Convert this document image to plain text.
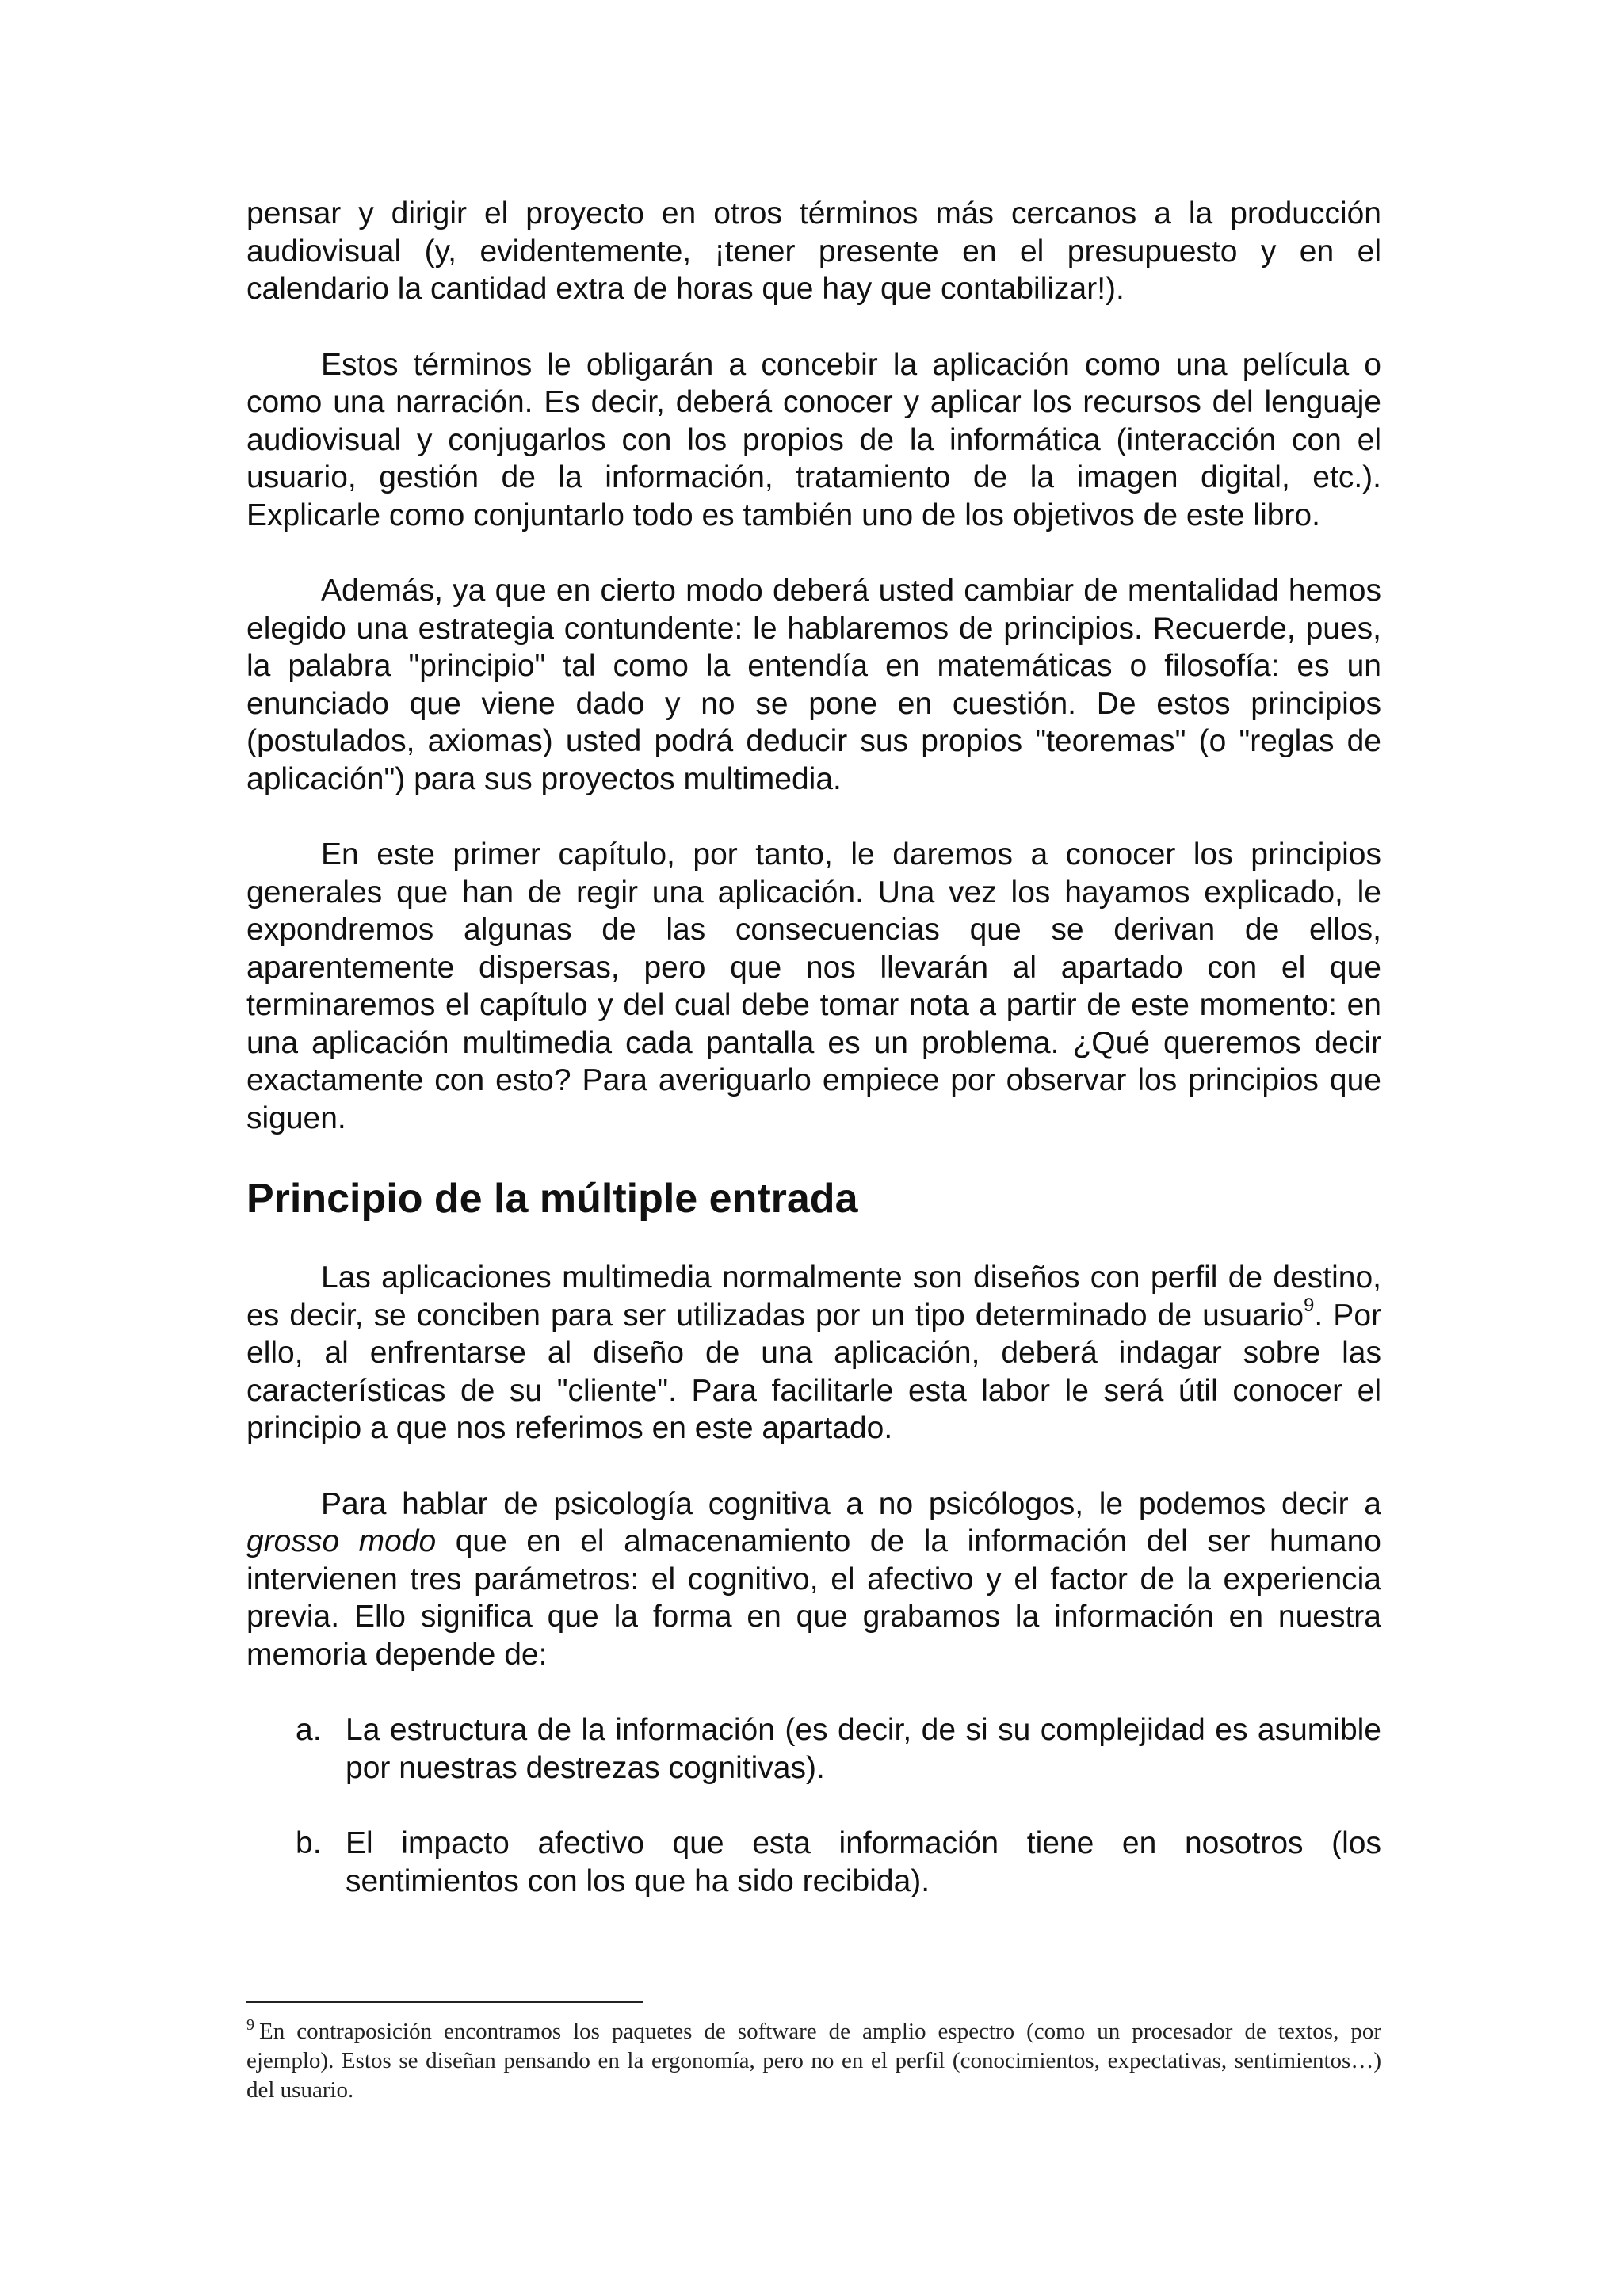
pensar y dirigir el proyecto en otros términos más cercanos a la producción audiovisual (y, evidentemente, ¡tener presente en el presupuesto y en el calendario la cantidad extra de horas que hay que contabilizar!).

Estos términos le obligarán a concebir la aplicación como una película o como una narración. Es decir, deberá conocer y aplicar los recursos del lenguaje audiovisual y conjugarlos con los propios de la informática (interacción con el usuario, gestión de la información, tratamiento de la imagen digital, etc.). Explicarle como conjuntarlo todo es también uno de los objetivos de este libro.

Además, ya que en cierto modo deberá usted cambiar de mentalidad hemos elegido una estrategia contundente: le hablaremos de principios. Recuerde, pues, la palabra "principio" tal como la entendía en matemáticas o filosofía: es un enunciado que viene dado y no se pone en cuestión. De estos principios (postulados, axiomas) usted podrá deducir sus propios "teoremas" (o "reglas de aplicación") para sus proyectos multimedia.

En este primer capítulo, por tanto, le daremos a conocer los principios generales que han de regir una aplicación. Una vez los hayamos explicado, le expondremos algunas de las consecuencias que se derivan de ellos, aparentemente dispersas, pero que nos llevarán al apartado con el que terminaremos el capítulo y del cual debe tomar nota a partir de este momento: en una aplicación multimedia cada pantalla es un problema. ¿Qué queremos decir exactamente con esto? Para averiguarlo empiece por observar los principios que siguen.

Principio de la múltiple entrada

Las aplicaciones multimedia normalmente son diseños con perfil de destino, es decir, se conciben para ser utilizadas por un tipo determinado de usuario$^9$. Por ello, al enfrentarse al diseño de una aplicación, deberá indagar sobre las características de su "cliente". Para facilitarle esta labor le será útil conocer el principio a que nos referimos en este apartado.

Para hablar de psicología cognitiva a no psicólogos, le podemos decir a grosso modo que en el almacenamiento de la información del ser humano intervienen tres parámetros: el cognitivo, el afectivo y el factor de la experiencia previa. Ello significa que la forma en que grabamos la información en nuestra memoria depende de:

a. La estructura de la información (es decir, de si su complejidad es asumible por nuestras destrezas cognitivas).
b. El impacto afectivo que esta información tiene en nosotros (los sentimientos con los que ha sido recibida).
$^9$ En contraposición encontramos los paquetes de software de amplio espectro (como un procesador de textos, por ejemplo). Estos se diseñan pensando en la ergonomía, pero no en el perfil (conocimientos, expectativas, sentimientos…) del usuario.
